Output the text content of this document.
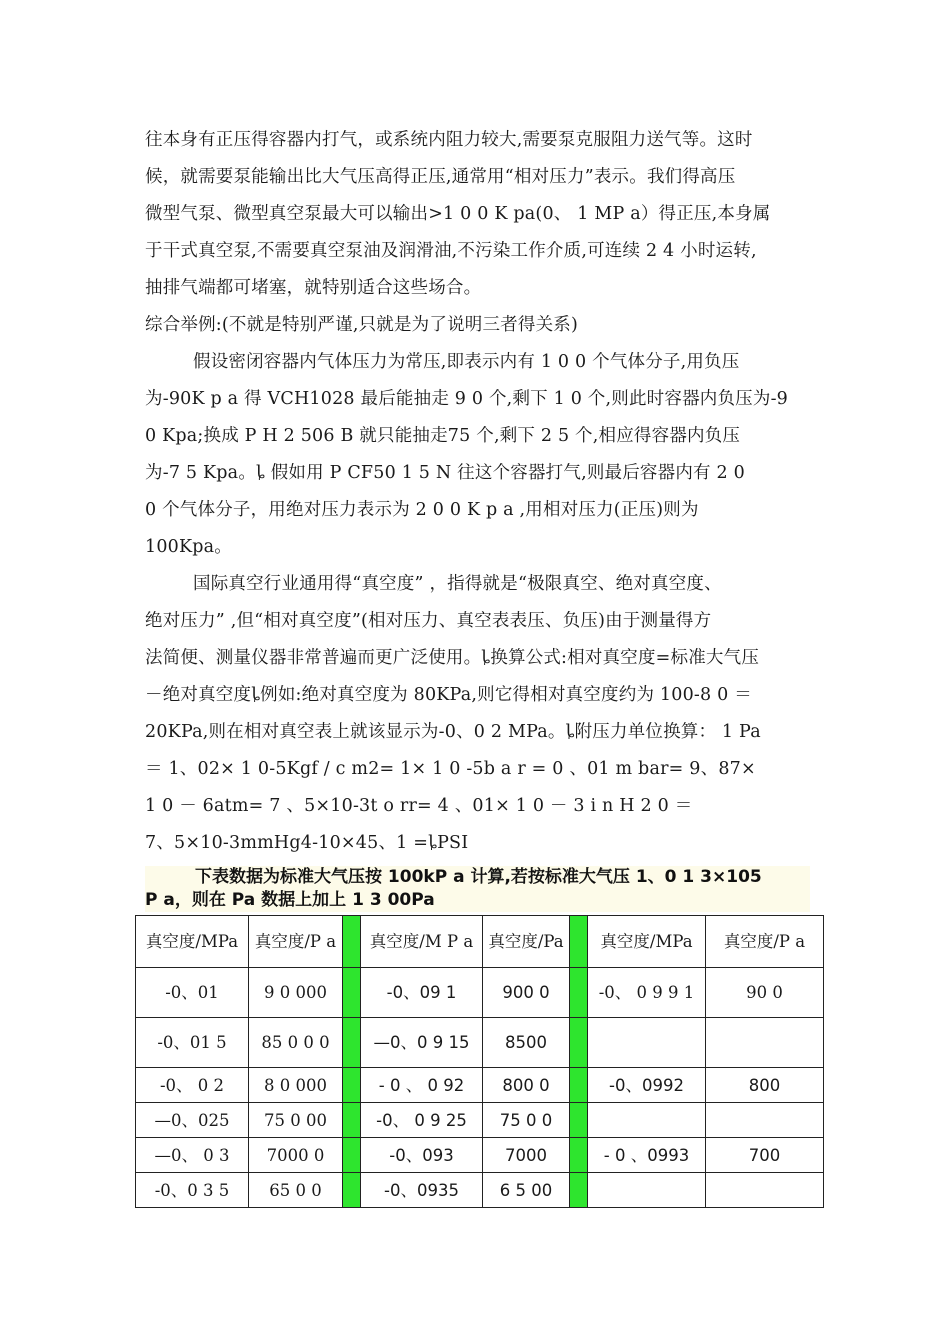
往本身有正压得容器内打气，或系统内阻力较大,需要泵克服阻力送气等。这时
候，就需要泵能输出比大气压高得正压,通常用“相对压力”表示。我们得高压
微型气泵、微型真空泵最大可以输出>1 0 0 K pa(0、 1 MP a）得正压,本身属
于干式真空泵,不需要真空泵油及润滑油,不污染工作介质,可连续 2 4 小时运转,
抽排气端都可堵塞，就特别适合这些场合。
综合举例:(不就是特别严谨,只就是为了说明三者得关系)
假设密闭容器内气体压力为常压,即表示内有 1 0 0 个气体分子,用负压
为-90K p a 得 VCH1028 最后能抽走 9 0 个,剩下 1 0 个,则此时容器内负压为-9
0 Kpa;换成 P H 2 506 B 就只能抽走75 个,剩下 2 5 个,相应得容器内负压
为-7 5 Kpa。ȴ 假如用 P CF50 1 5 N 往这个容器打气,则最后容器内有 2 0
0 个气体分子，用绝对压力表示为 2 0 0 K p a ,用相对压力(正压)则为
100Kpa。
国际真空行业通用得“真空度” ，指得就是“极限真空、绝对真空度、
绝对压力” ,但“相对真空度”(相对压力、真空表表压、负压)由于测量得方
法简便、测量仪器非常普遍而更广泛使用。ȴ换算公式:相对真空度=标准大气压
－绝对真空度ȴ例如:绝对真空度为 80KPa,则它得相对真空度约为 100-8 0 ＝
20KPa,则在相对真空表上就该显示为-0、0 2 MPa。ȴ附压力单位换算： 1 Pa
＝ 1、02× 1 0-5Kgf / c m2= 1× 1 0 -5b a r = 0 、01 m bar= 9、87×
1 0 － 6atm= 7 、5×10-3t o rr= 4 、01× 1 0 － 3 i n H 2 0 ＝
7、5×10-3mmHg4-10×45、1 =ȴPSI
下表数据为标准大气压按 100kP a 计算,若按标准大气压 1、0 1 3×105
P a，则在 Pa 数据上加上 1 3 00Pa
真空度/MPa	真空度/P a		真空度/M P a	真空度/Pa		真空度/MPa	真空度/P a
-0、01	9 0 000		-0、09 1	900 0		-0、 0 9 9 1	90 0
-0、01 5	85 0 0 0		—0、0 9 15	8500			
-0、 0 2	8 0 000		- 0 、 0 92	800 0		-0、0992	800
—0、025	75 0 00		-0、 0 9 25	75 0 0			
—0、 0 3	7000 0		-0、093	7000		- 0 、0993	700
-0、0 3 5	65 0 0		-0、0935	6 5 00			
